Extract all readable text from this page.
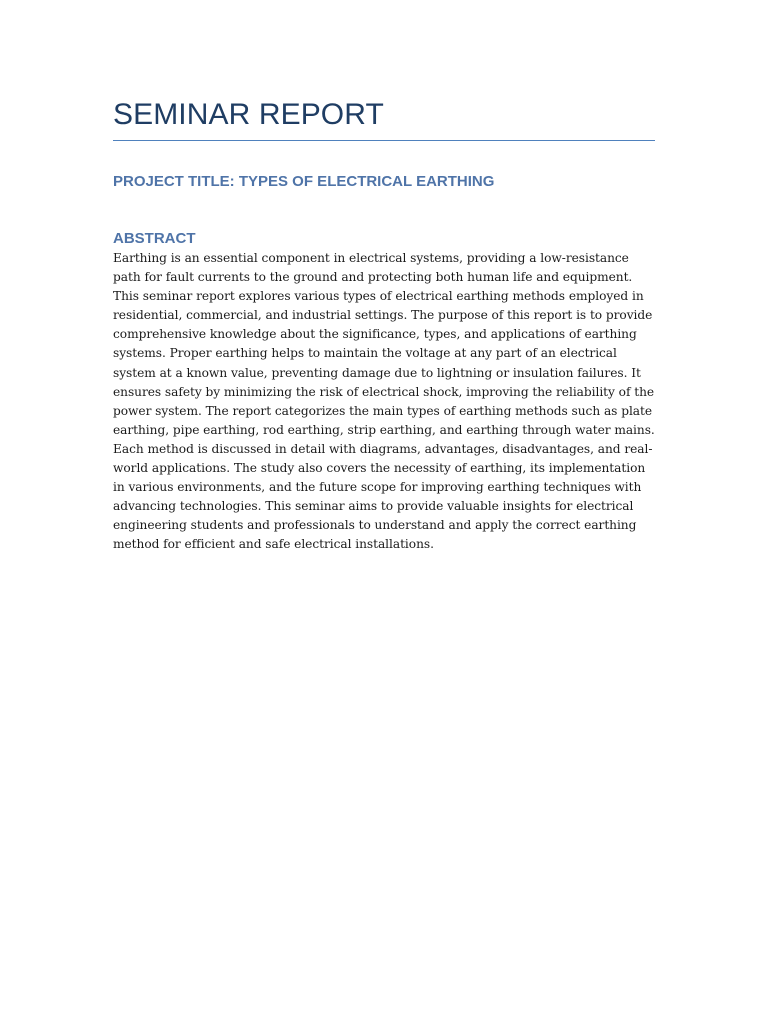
SEMINAR REPORT
PROJECT TITLE: TYPES OF ELECTRICAL EARTHING
ABSTRACT

Earthing is an essential component in electrical systems, providing a low-resistance path for fault currents to the ground and protecting both human life and equipment. This seminar report explores various types of electrical earthing methods employed in residential, commercial, and industrial settings. The purpose of this report is to provide comprehensive knowledge about the significance, types, and applications of earthing systems. Proper earthing helps to maintain the voltage at any part of an electrical system at a known value, preventing damage due to lightning or insulation failures. It ensures safety by minimizing the risk of electrical shock, improving the reliability of the power system. The report categorizes the main types of earthing methods such as plate earthing, pipe earthing, rod earthing, strip earthing, and earthing through water mains. Each method is discussed in detail with diagrams, advantages, disadvantages, and real-world applications. The study also covers the necessity of earthing, its implementation in various environments, and the future scope for improving earthing techniques with advancing technologies. This seminar aims to provide valuable insights for electrical engineering students and professionals to understand and apply the correct earthing method for efficient and safe electrical installations.
